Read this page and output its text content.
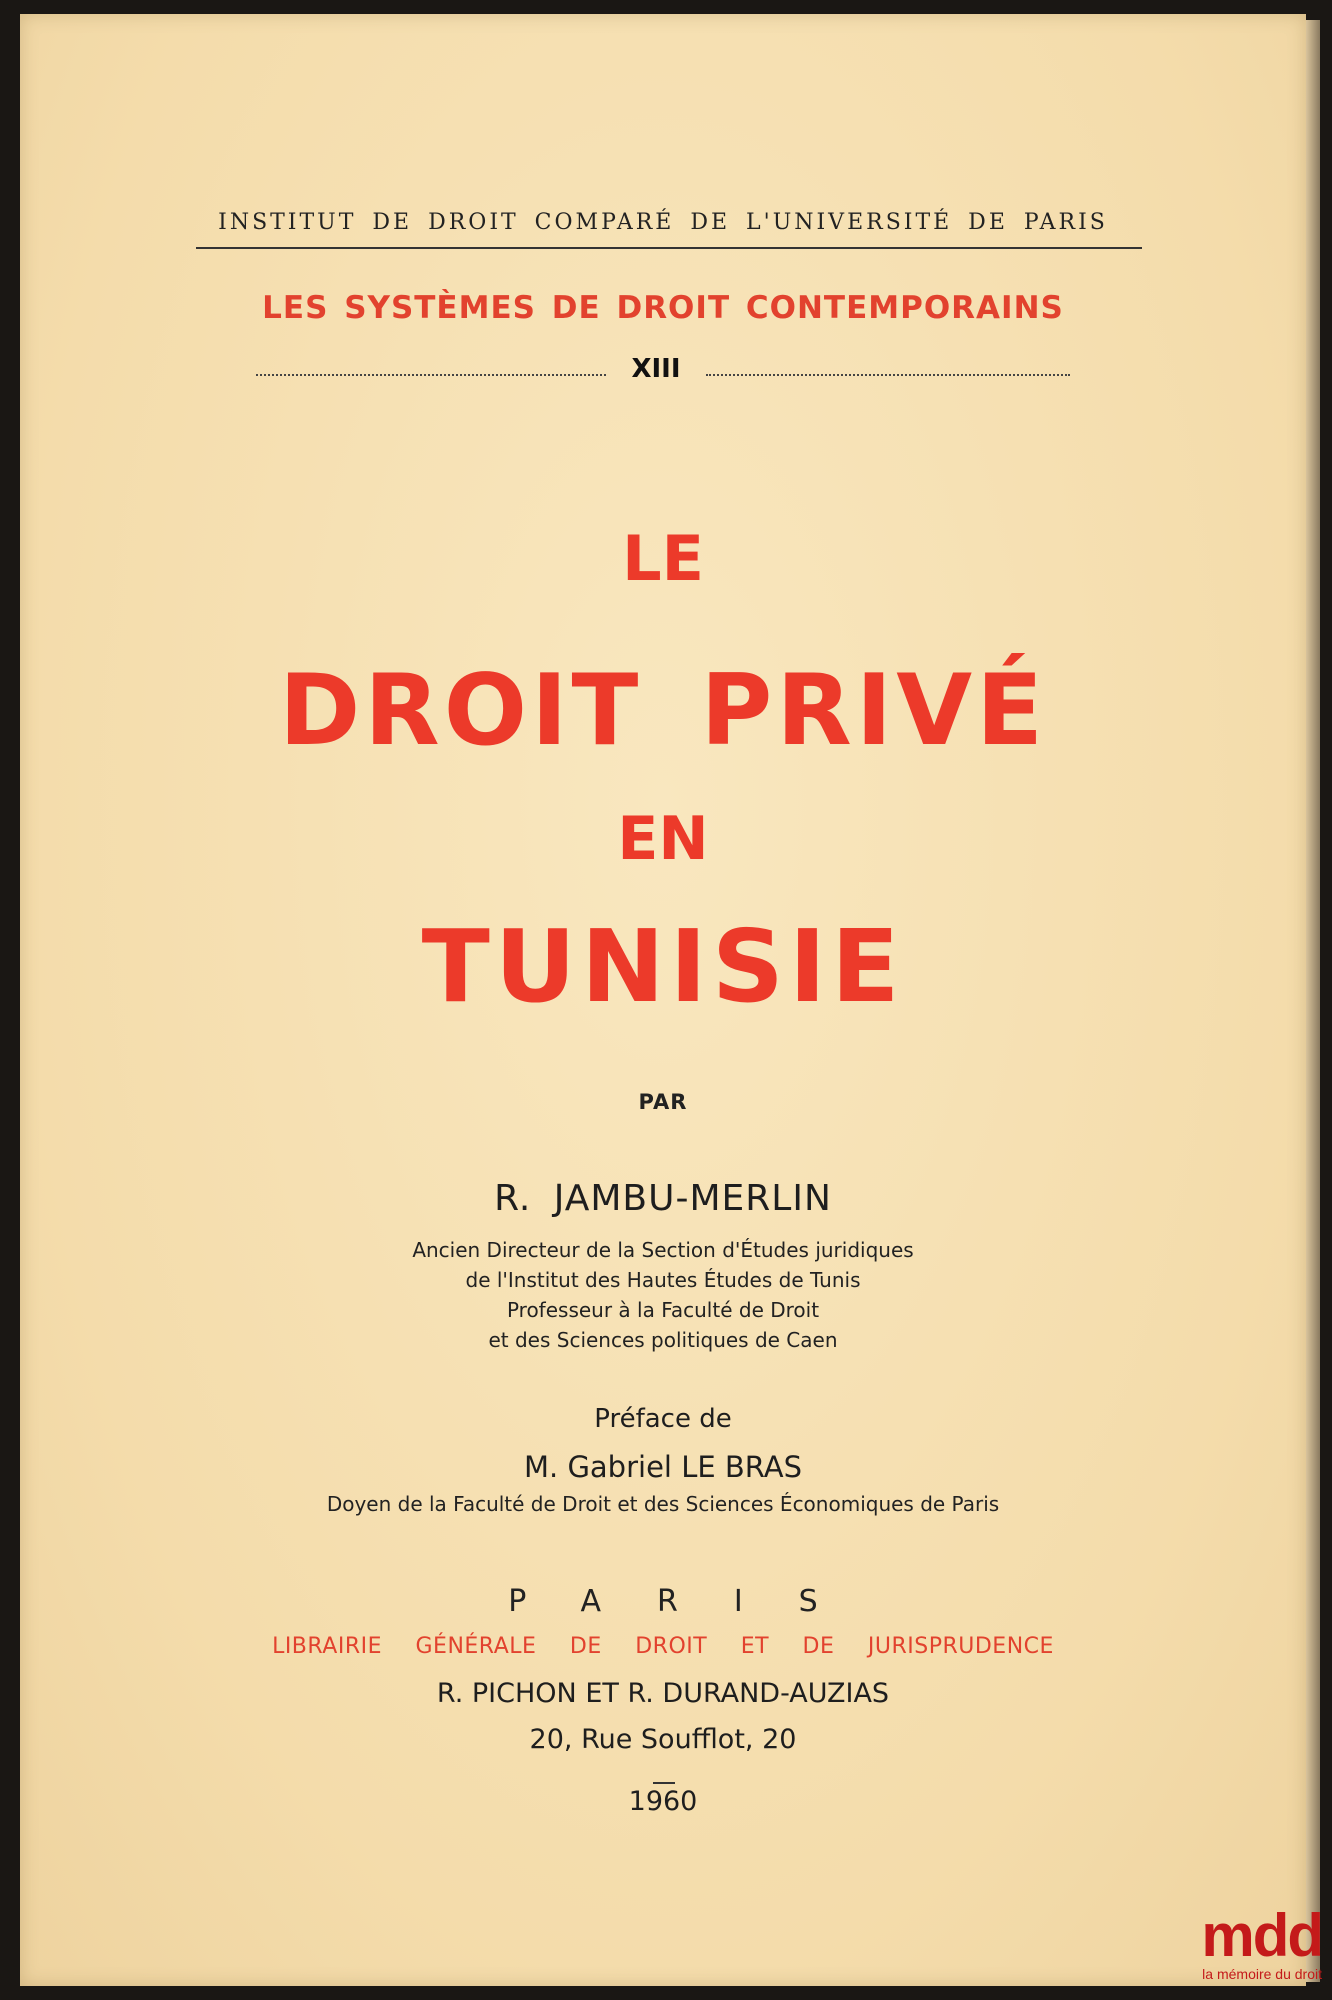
INSTITUT DE DROIT COMPARÉ DE L'UNIVERSITÉ DE PARIS
LES SYSTÈMES DE DROIT CONTEMPORAINS
XIII
LE
DROIT PRIVÉ
EN
TUNISIE
PAR
R. JAMBU-MERLIN
Ancien Directeur de la Section d'Études juridiques
de l'Institut des Hautes Études de Tunis
Professeur à la Faculté de Droit
et des Sciences politiques de Caen
Préface de
M. Gabriel LE BRAS
Doyen de la Faculté de Droit et des Sciences Économiques de Paris
PARIS
LIBRAIRIE GÉNÉRALE DE DROIT ET DE JURISPRUDENCE
R. PICHON ET R. DURAND-AUZIAS
20, Rue Soufflot, 20
1960
mdd
la mémoire du droit
